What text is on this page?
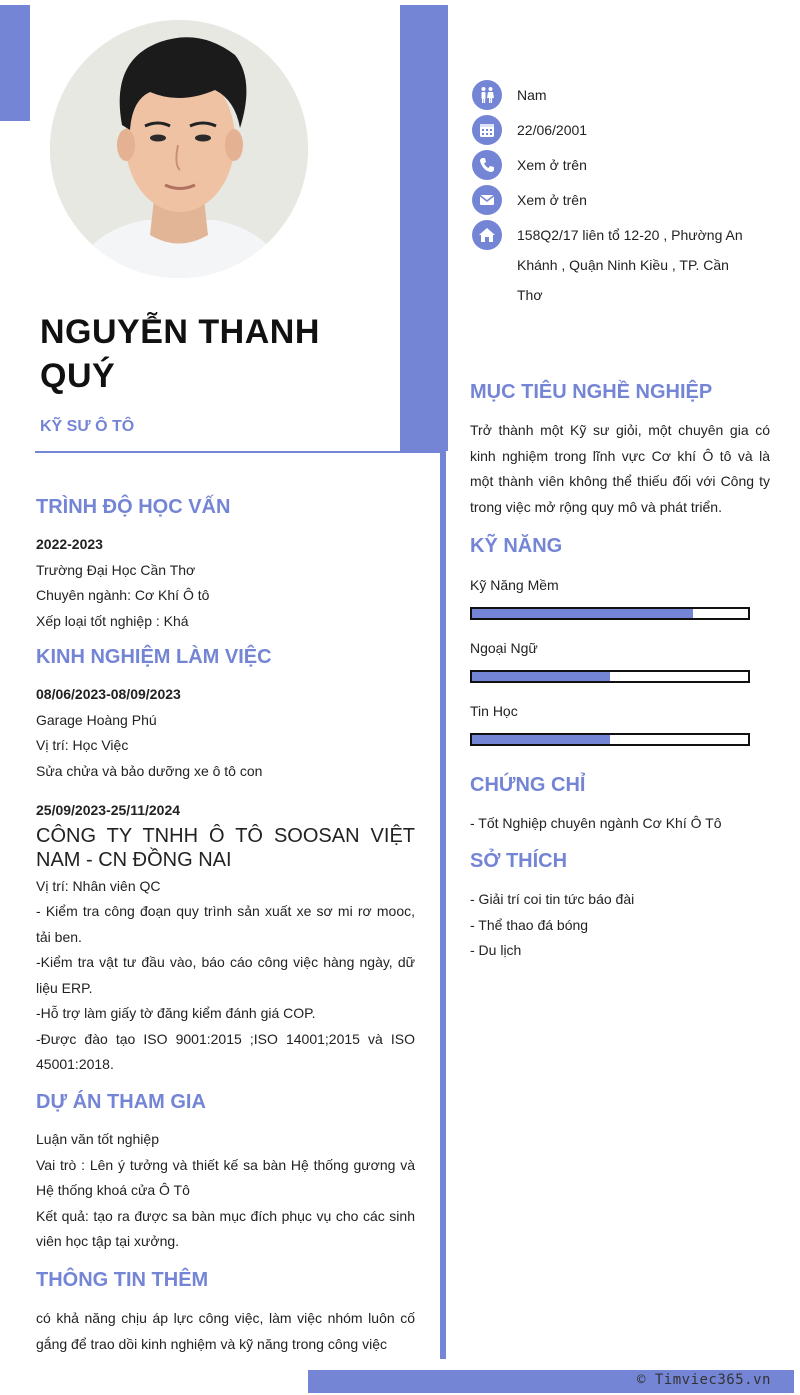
NGUYỄN THANH QUÝ
KỸ SƯ Ô TÔ
Nam
22/06/2001
Xem ở trên
Xem ở trên
158Q2/17 liên tổ 12-20 , Phường An Khánh , Quận Ninh Kiều , TP. Cần Thơ
TRÌNH ĐỘ HỌC VẤN
2022-2023
Trường Đại Học Cần Thơ
Chuyên ngành: Cơ Khí Ô tô
Xếp loại tốt nghiệp : Khá
KINH NGHIỆM LÀM VIỆC
08/06/2023-08/09/2023
Garage Hoàng Phú
Vị trí: Học Việc
Sửa chửa và bảo dưỡng xe ô tô con
25/09/2023-25/11/2024
CÔNG TY TNHH Ô TÔ SOOSAN VIỆT NAM - CN ĐỒNG NAI
Vị trí: Nhân viên QC
- Kiểm tra công đoạn quy trình sản xuất xe sơ mi rơ mooc, tải ben.
-Kiểm tra vật tư đầu vào, báo cáo công việc hàng ngày, dữ liệu ERP.
-Hỗ trợ làm giấy tờ đăng kiểm đánh giá COP.
-Được đào tạo ISO 9001:2015 ;ISO 14001;2015 và ISO 45001:2018.
DỰ ÁN THAM GIA
Luận văn tốt nghiệp
Vai trò : Lên ý tưởng và thiết kế sa bàn Hệ thống gương và Hệ thống khoá cửa Ô Tô
Kết quả: tạo ra được sa bàn mục đích phục vụ cho các sinh viên học tập tại xưởng.
THÔNG TIN THÊM
có khả năng chịu áp lực công việc, làm việc nhóm luôn cố gắng để trao dồi kinh nghiệm và kỹ năng trong công việc
MỤC TIÊU NGHỀ NGHIỆP
Trở thành một Kỹ sư giỏi, một chuyên gia có kinh nghiệm trong lĩnh vực Cơ khí Ô tô và là một thành viên không thể thiếu đối với Công ty trong việc mở rộng quy mô và phát triển.
KỸ NĂNG
Kỹ Năng Mềm
Ngoại Ngữ
Tin Học
CHỨNG CHỈ
- Tốt Nghiệp chuyên ngành Cơ Khí Ô Tô
SỞ THÍCH
- Giải trí coi tin tức báo đài
- Thể thao đá bóng
- Du lịch
© Timviec365.vn
